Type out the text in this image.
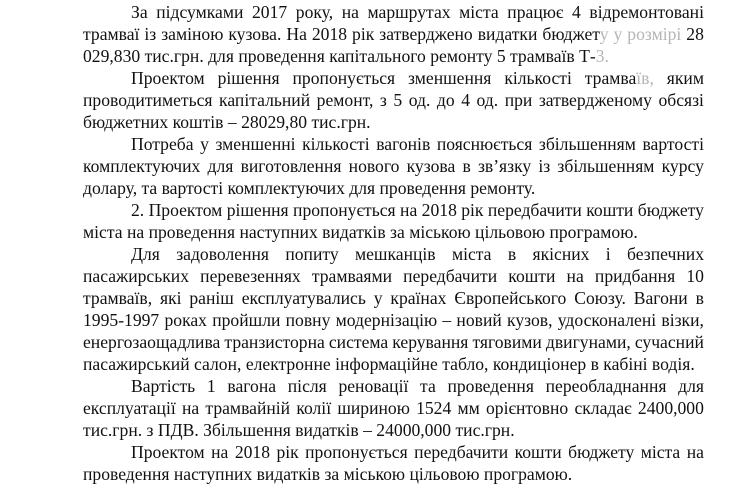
За підсумками 2017 року, на маршрутах міста працює 4 відремонтовані
трамваї із заміною кузова. На 2018 рік затверджено видатки бюджету у розмірі 28
029,830 тис.грн. для проведення капітального ремонту 5 трамваїв Т-3.
Проектом рішення пропонується зменшення кількості трамваїв, яким
проводитиметься капітальний ремонт, з 5 од. до 4 од. при затвердженому обсязі
бюджетних коштів – 28029,80 тис.грн.
Потреба у зменшенні кількості вагонів пояснюється збільшенням вартості
комплектуючих для виготовлення нового кузова в зв’язку із збільшенням курсу
долару, та вартості комплектуючих для проведення ремонту.
2. Проектом рішення пропонується на 2018 рік передбачити кошти бюджету
міста на проведення наступних видатків за міською цільовою програмою.
Для задоволення попиту мешканців міста в якісних і безпечних
пасажирських перевезеннях трамваями передбачити кошти на придбання 10
трамваїв, які раніш експлуатувались у країнах Європейського Союзу. Вагони в
1995-1997 роках пройшли повну модернізацію – новий кузов, удосконалені візки,
енергозаощадлива транзисторна система керування тяговими двигунами, сучасний
пасажирський салон, електронне інформаційне табло, кондиціонер в кабіні водія.
Вартість 1 вагона після реновації та проведення переобладнання для
експлуатації на трамвайній колії шириною 1524 мм орієнтовно складає 2400,000
тис.грн. з ПДВ. Збільшення видатків – 24000,000 тис.грн.
Проектом на 2018 рік пропонується передбачити кошти бюджету міста на
проведення наступних видатків за міською цільовою програмою.
